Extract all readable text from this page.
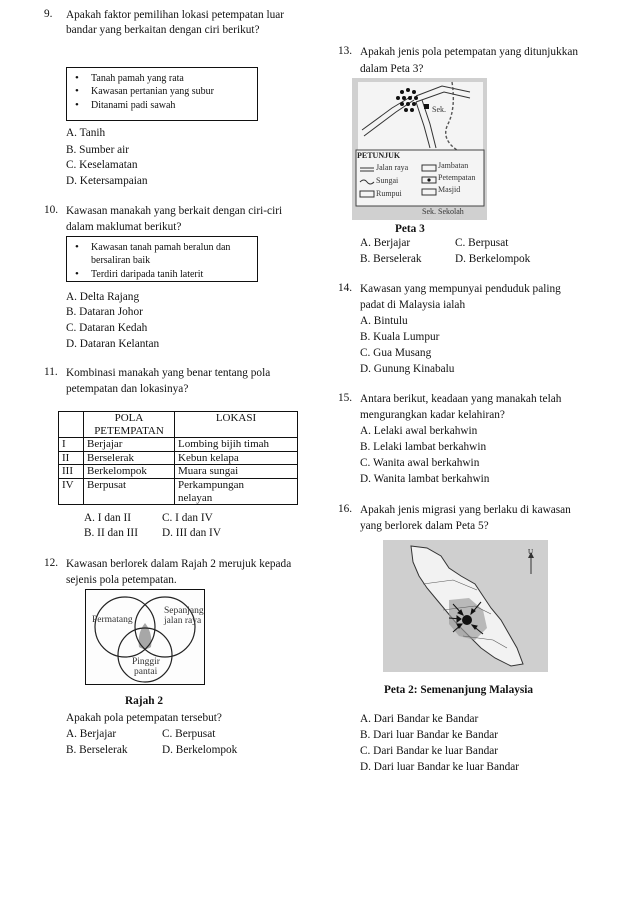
9. Apakah faktor pemilihan lokasi petempatan luar
bandar yang berkaitan dengan ciri berikut?
• Tanah pamah yang rata
• Kawasan pertanian yang subur
• Ditanami padi sawah
A. Tanih
B. Sumber air
C. Keselamatan
D. Ketersampaian
10. Kawasan manakah yang berkait dengan ciri-ciri
dalam maklumat berikut?
• Kawasan tanah pamah beralun dan
bersaliran baik
• Terdiri daripada tanih laterit
A. Delta Rajang
B. Dataran Johor
C. Dataran Kedah
D. Dataran Kelantan
11. Kombinasi manakah yang benar tentang pola
petempatan dan lokasinya?
	POLA
PETEMPATAN	LOKASI
I	Berjajar	Lombing bijih timah
II	Berselerak	Kebun kelapa
III	Berkelompok	Muara sungai
IV	Berpusat	Perkampungan
nelayan
A. I dan II	C. I dan IV
B. II dan III D. III dan IV
12. Kawasan berlorek dalam Rajah 2 merujuk kepada
sejenis pola petempatan.
Permatang
Sepanjang
jalan raya
Pinggir
pantai
Rajah 2
Apakah pola petempatan tersebut?
A. Berjajar	C. Berpusat
B. Berselerak	D. Berkelompok
13. Apakah jenis pola petempatan yang ditunjukkan
dalam Peta 3?
Sek.
PETUNJUK
Jalan raya
Sungai
Rumpui
Jambatan
Petempatan
Masjid
Sek. Sekolah
Peta 3
A. Berjajar	C. Berpusat
B. Berselerak	D. Berkelompok
14. Kawasan yang mempunyai penduduk paling
padat di Malaysia ialah
A. Bintulu
B. Kuala Lumpur
C. Gua Musang
D. Gunung Kinabalu
15. Antara berikut, keadaan yang manakah telah
mengurangkan kadar kelahiran?
A. Lelaki awal berkahwin
B. Lelaki lambat berkahwin
C. Wanita awal berkahwin
D. Wanita lambat berkahwin
16. Apakah jenis migrasi yang berlaku di kawasan
yang berlorek dalam Peta 5?
U
Peta 2: Semenanjung Malaysia
A. Dari Bandar ke Bandar
B. Dari luar Bandar ke Bandar
C. Dari Bandar ke luar Bandar
D. Dari luar Bandar ke luar Bandar
